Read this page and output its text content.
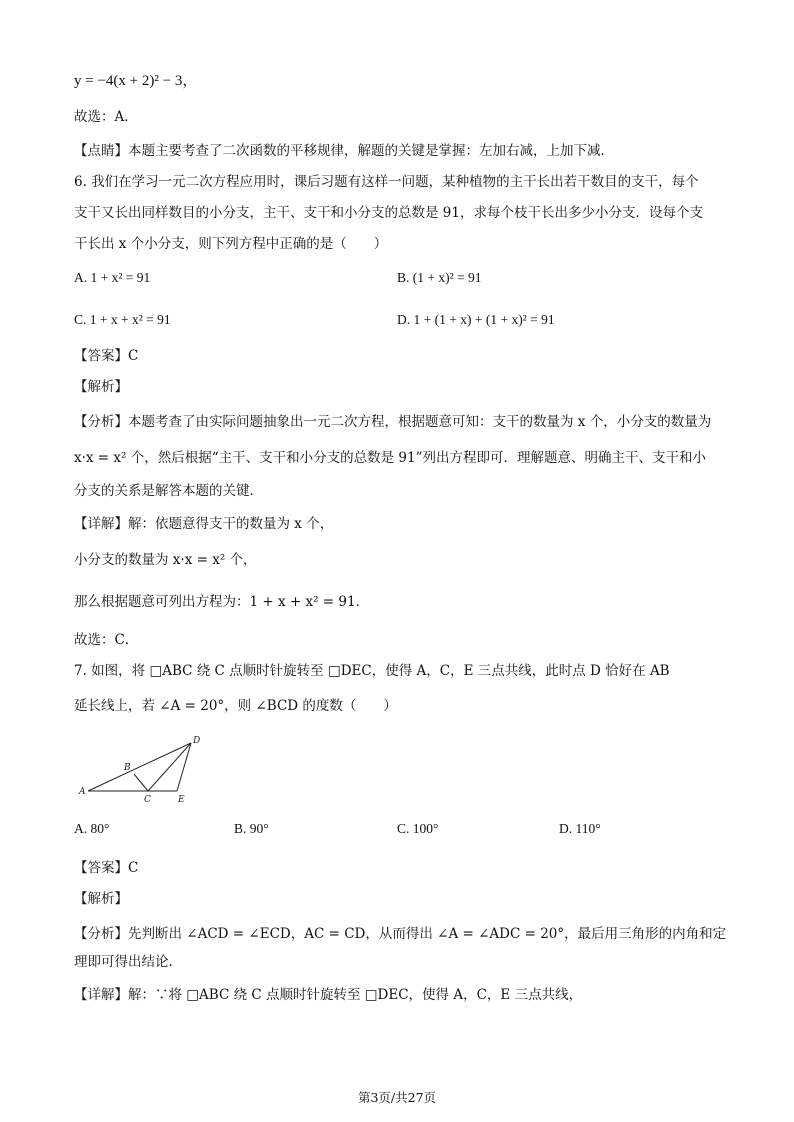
y = −4(x + 2)² − 3，
故选：A．
【点睛】本题主要考查了二次函数的平移规律，解题的关键是掌握：左加右减，上加下减．
6. 我们在学习一元二次方程应用时，课后习题有这样一问题，某种植物的主干长出若干数目的支干，每个
支干又长出同样数目的小分支，主干、支干和小分支的总数是 91，求每个枝干长出多少小分支．设每个支
干长出 x 个小分支，则下列方程中正确的是（　　）
A. 1 + x² = 91	B. (1 + x)² = 91
C. 1 + x + x² = 91	D. 1 + (1 + x) + (1 + x)² = 91
【答案】C
【解析】
【分析】本题考查了由实际问题抽象出一元二次方程，根据题意可知：支干的数量为 x 个，小分支的数量为
x·x = x² 个，然后根据“主干、支干和小分支的总数是 91”列出方程即可．理解题意、明确主干、支干和小
分支的关系是解答本题的关键．
【详解】解：依题意得支干的数量为 x 个，
小分支的数量为 x·x = x² 个，
那么根据题意可列出方程为：1 + x + x² = 91．
故选：C．
7. 如图，将 □ABC 绕 C 点顺时针旋转至 □DEC，使得 A，C，E 三点共线，此时点 D 恰好在 AB
延长线上，若 ∠A = 20°，则 ∠BCD 的度数（　　）
A
B
C
D
E
A. 80°	B. 90°	C. 100°	D. 110°
【答案】C
【解析】
【分析】先判断出 ∠ACD = ∠ECD，AC = CD，从而得出 ∠A = ∠ADC = 20°，最后用三角形的内角和定
理即可得出结论．
【详解】解：∵将 □ABC 绕 C 点顺时针旋转至 □DEC，使得 A，C，E 三点共线，
第3页/共27页
